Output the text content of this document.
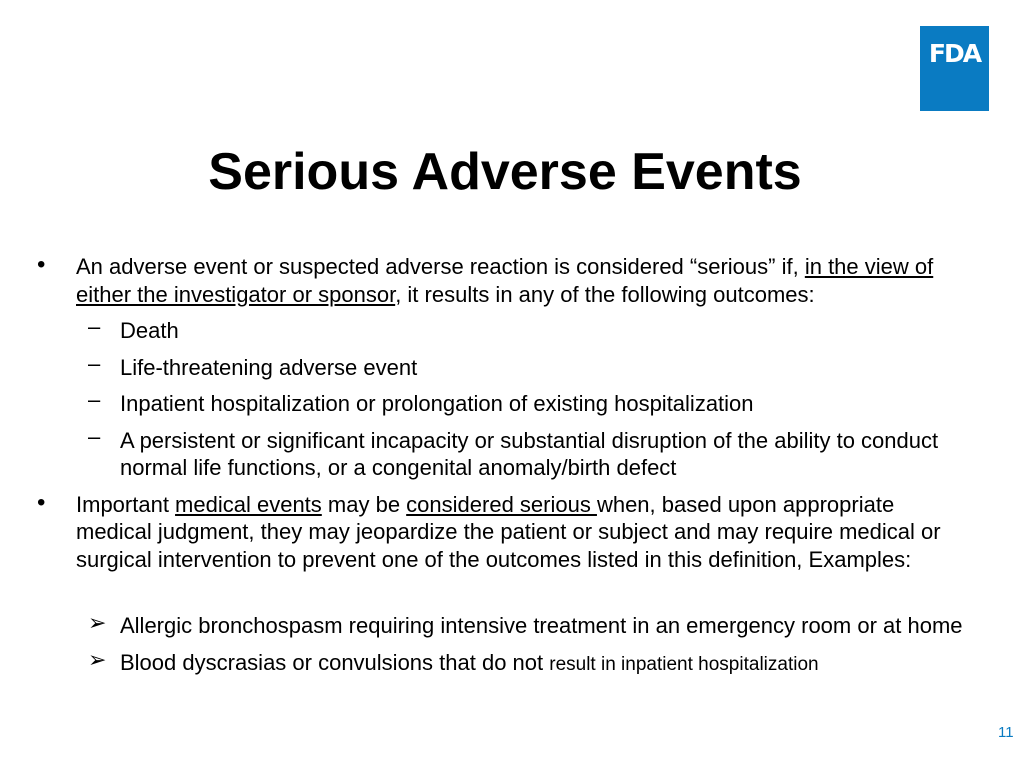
FDA
Serious Adverse Events
• An adverse event or suspected adverse reaction is considered “serious” if, in the view of either the investigator or sponsor, it results in any of the following outcomes:
– Death
– Life-threatening adverse event
– Inpatient hospitalization or prolongation of existing hospitalization
– A persistent or significant incapacity or substantial disruption of the ability to conduct normal life functions, or a congenital anomaly/birth defect
• Important medical events may be considered serious when, based upon appropriate medical judgment, they may jeopardize the patient or subject and may require medical or surgical intervention to prevent one of the outcomes listed in this definition, Examples:
➢ Allergic bronchospasm requiring intensive treatment in an emergency room or at home
➢ Blood dyscrasias or convulsions that do not result in inpatient hospitalization
11
